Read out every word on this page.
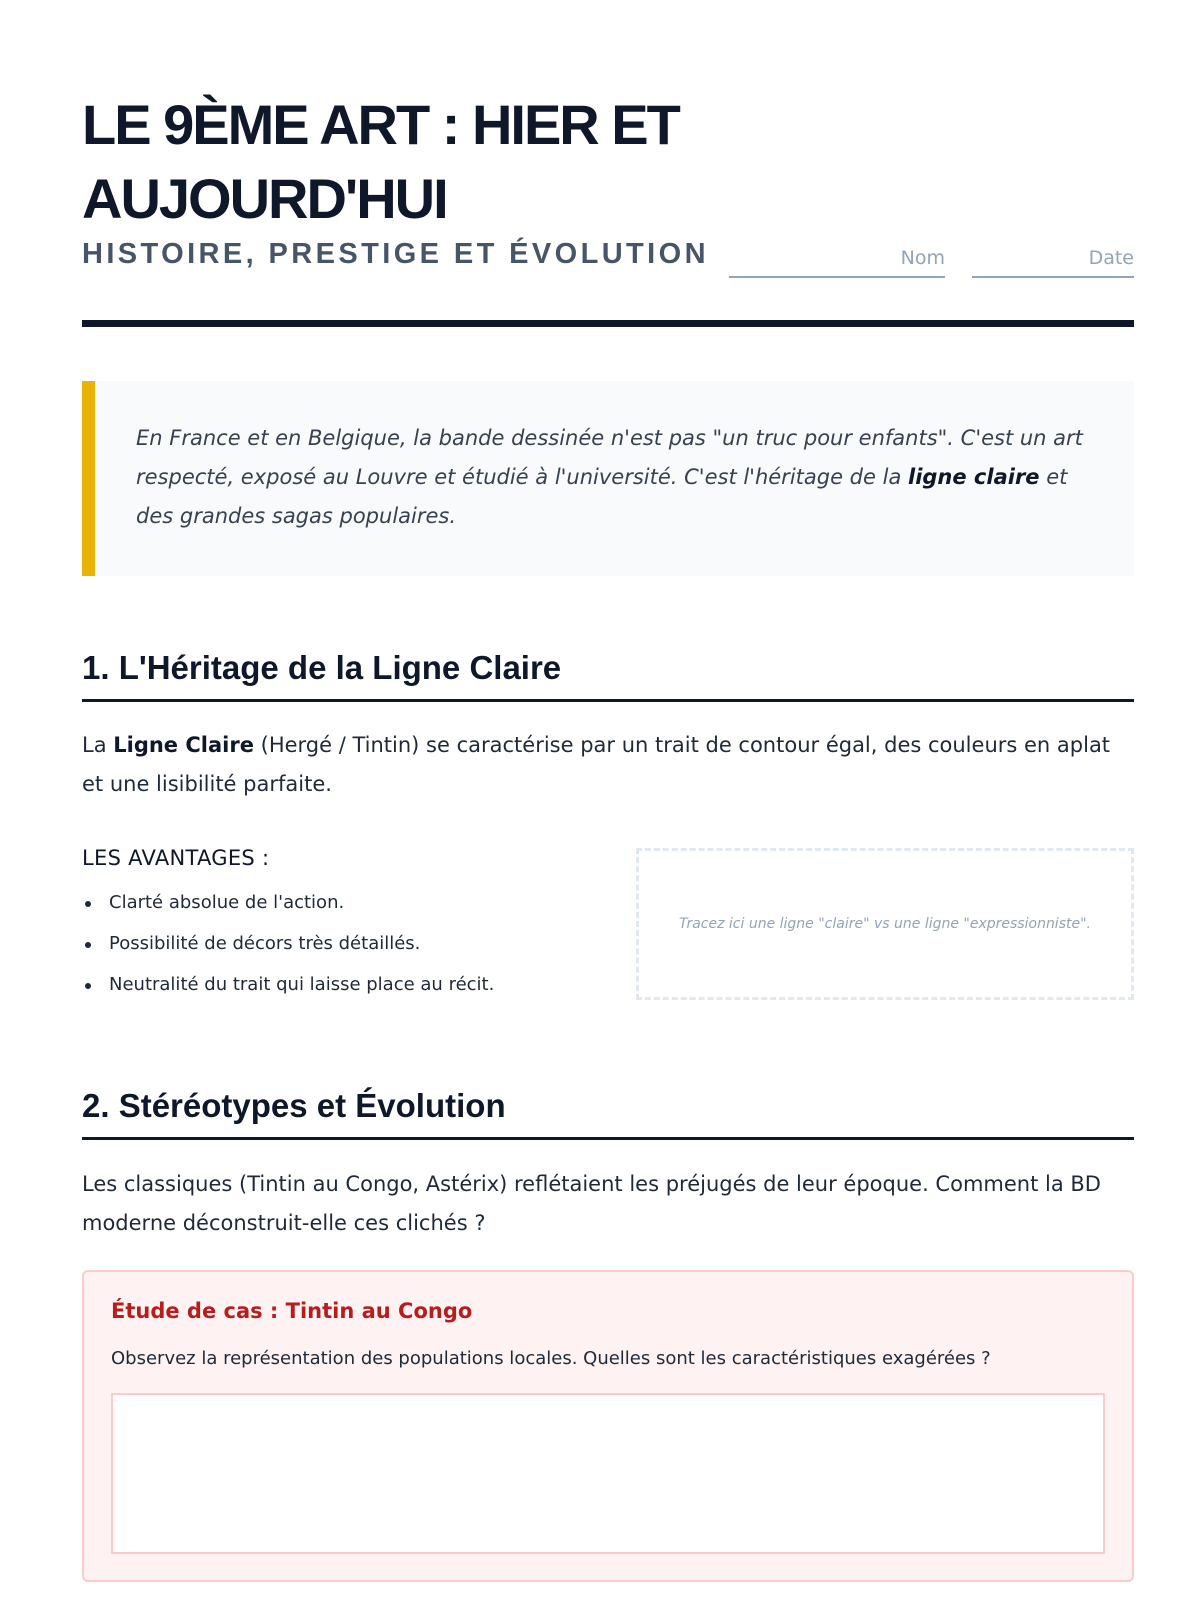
LE 9ÈME ART : HIER ET AUJOURD'HUI
HISTOIRE, PRESTIGE ET ÉVOLUTION	Nom	Date
En France et en Belgique, la bande dessinée n'est pas "un truc pour enfants". C'est un art respecté, exposé au Louvre et étudié à l'université. C'est l'héritage de la ligne claire et des grandes sagas populaires.
1. L'Héritage de la Ligne Claire

La Ligne Claire (Hergé / Tintin) se caractérise par un trait de contour égal, des couleurs en aplat et une lisibilité parfaite.

LES AVANTAGES :
Clarté absolue de l'action.
Possibilité de décors très détaillés.
Neutralité du trait qui laisse place au récit.
Tracez ici une ligne "claire" vs une ligne "expressionniste".
2. Stéréotypes et Évolution

Les classiques (Tintin au Congo, Astérix) reflétaient les préjugés de leur époque. Comment la BD moderne déconstruit-elle ces clichés ?

Étude de cas : Tintin au Congo

Observez la représentation des populations locales. Quelles sont les caractéristiques exagérées ?
